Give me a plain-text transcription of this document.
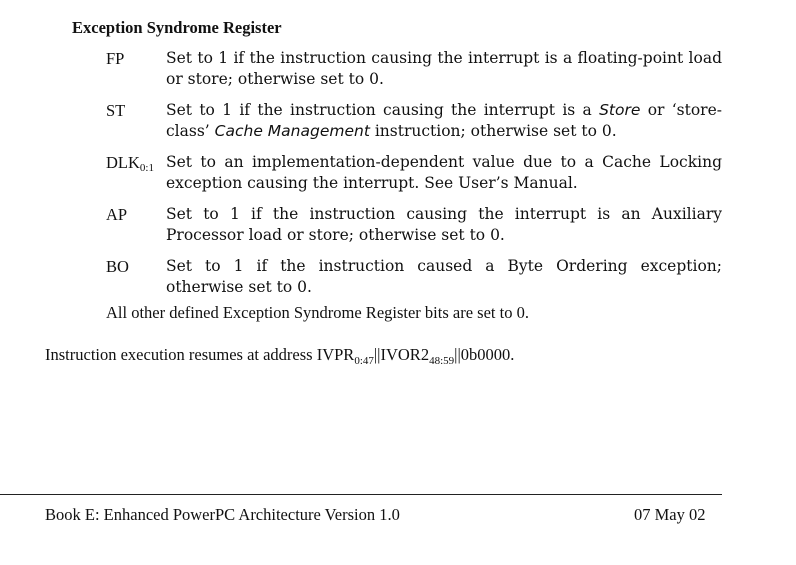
Exception Syndrome Register
FP	Set to 1 if the instruction causing the interrupt is a floating-point load or store; otherwise set to 0.
ST	Set to 1 if the instruction causing the interrupt is a Store or ‘store-class’ Cache Management instruction; otherwise set to 0.
$DLK_{0:1}$ Set to an implementation-dependent value due to a Cache Locking exception causing the interrupt. See User’s Manual.
AP	Set to 1 if the instruction causing the interrupt is an Auxiliary Processor load or store; otherwise set to 0.
BO	Set to 1 if the instruction caused a Byte Ordering exception; otherwise set to 0.
All other defined Exception Syndrome Register bits are set to 0.
Instruction execution resumes at address $IVPR_{0:47}||IVOR2_{48:59}||0b0000$.
Book E: Enhanced PowerPC Architecture Version 1.0	07 May 02
